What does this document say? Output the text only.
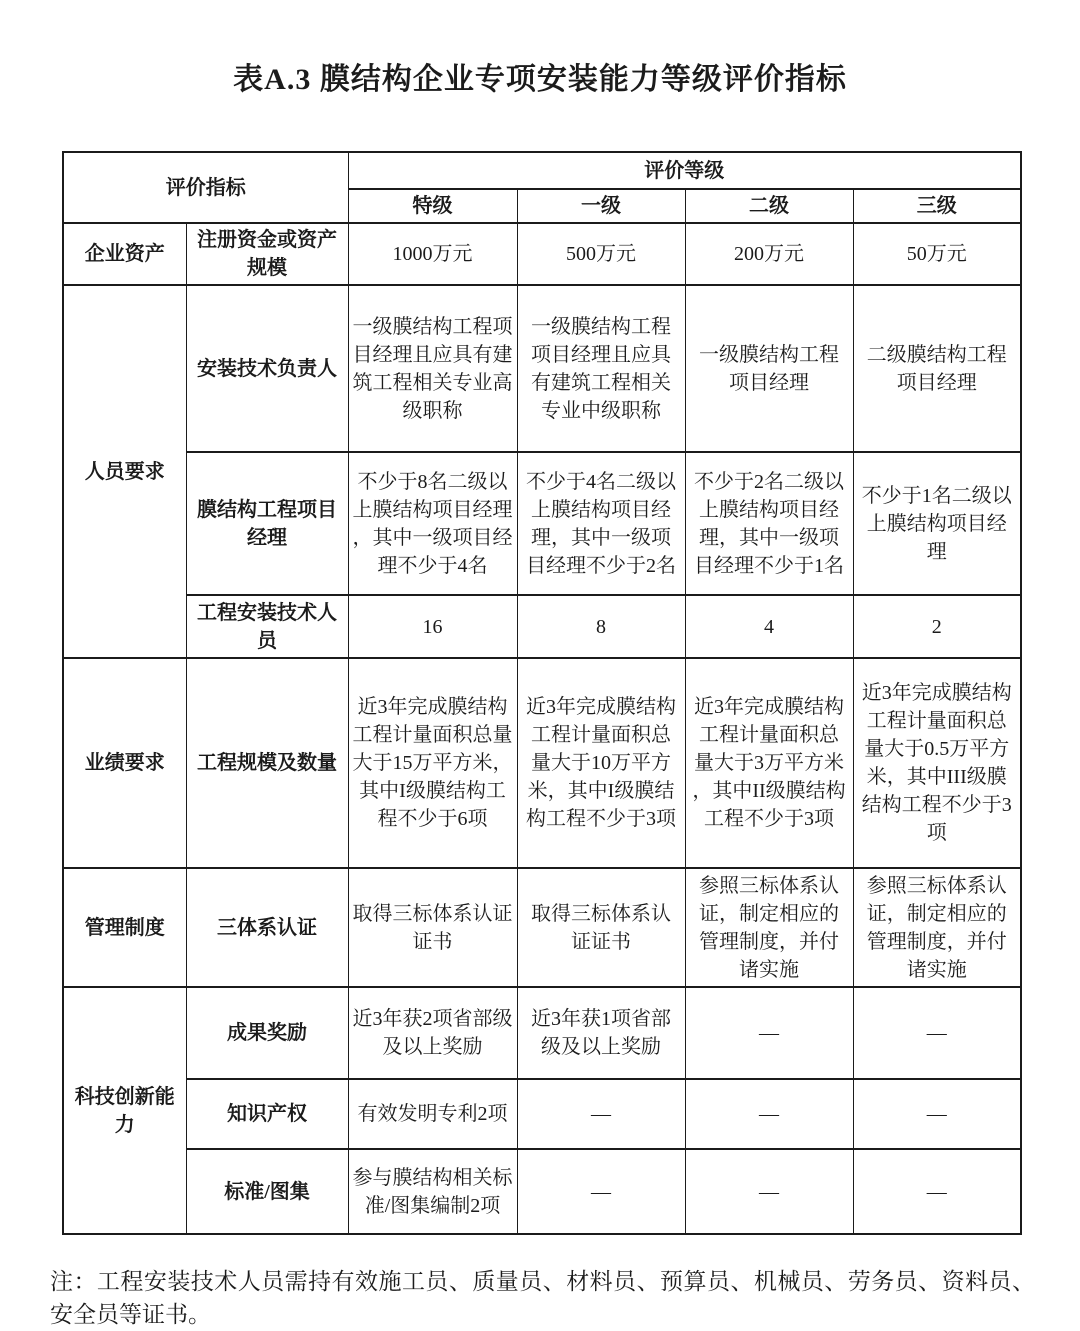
表A.3 膜结构企业专项安装能力等级评价指标
评价指标		评价等级			
		特级	一级	二级	三级
企业资产	注册资金或资产规模	1000万元	500万元	200万元	50万元
人员要求	安装技术负责人	一级膜结构工程项目经理且应具有建筑工程相关专业高级职称	一级膜结构工程项目经理且应具有建筑工程相关专业中级职称	一级膜结构工程项目经理	二级膜结构工程项目经理
	膜结构工程项目经理	不少于8名二级以上膜结构项目经理，其中一级项目经理不少于4名	不少于4名二级以上膜结构项目经理，其中一级项目经理不少于2名	不少于2名二级以上膜结构项目经理，其中一级项目经理不少于1名	不少于1名二级以上膜结构项目经理
	工程安装技术人员	16	8	4	2
业绩要求	工程规模及数量	近3年完成膜结构工程计量面积总量大于15万平方米，其中I级膜结构工程不少于6项	近3年完成膜结构工程计量面积总量大于10万平方米，其中I级膜结构工程不少于3项	近3年完成膜结构工程计量面积总量大于3万平方米，其中II级膜结构工程不少于3项	近3年完成膜结构工程计量面积总量大于0.5万平方米，其中III级膜结构工程不少于3项
管理制度	三体系认证	取得三标体系认证证书	取得三标体系认证证书	参照三标体系认证，制定相应的管理制度，并付诸实施	参照三标体系认证，制定相应的管理制度，并付诸实施
科技创新能力	成果奖励	近3年获2项省部级及以上奖励	近3年获1项省部级及以上奖励	—	—
	知识产权	有效发明专利2项	—	—	—
	标准/图集	参与膜结构相关标准/图集编制2项	—	—	—

注：工程安装技术人员需持有效施工员、质量员、材料员、预算员、机械员、劳务员、资料员、安全员等证书。
